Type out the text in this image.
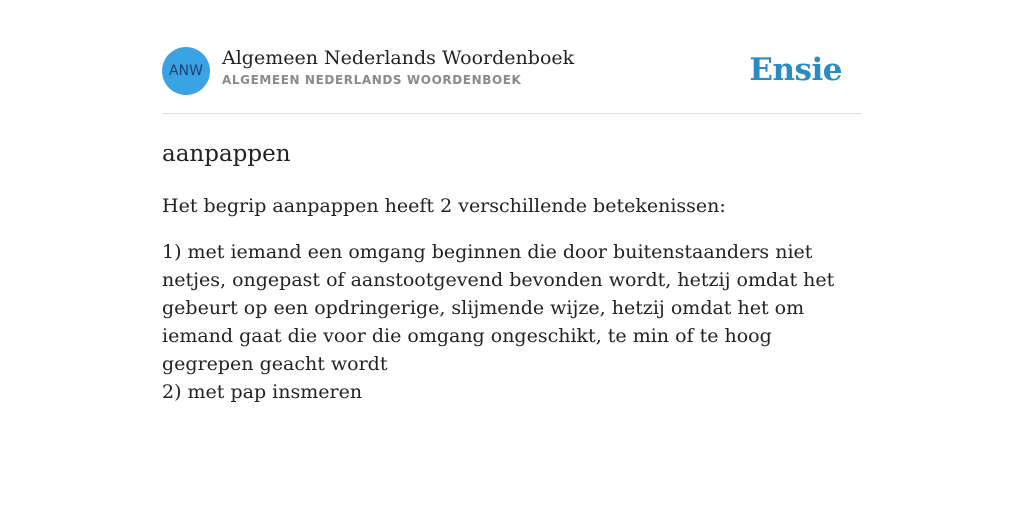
ANW
Algemeen Nederlands Woordenboek
ALGEMEEN NEDERLANDS WOORDENBOEK	Ensie
aanpappen

Het begrip aanpappen heeft 2 verschillende betekenissen:

1) met iemand een omgang beginnen die door buitenstaanders niet netjes, ongepast of aanstootgevend bevonden wordt, hetzij omdat het gebeurt op een opdringerige, slijmende wijze, hetzij omdat het om iemand gaat die voor die omgang ongeschikt, te min of te hoog gegrepen geacht wordt
2) met pap insmeren
